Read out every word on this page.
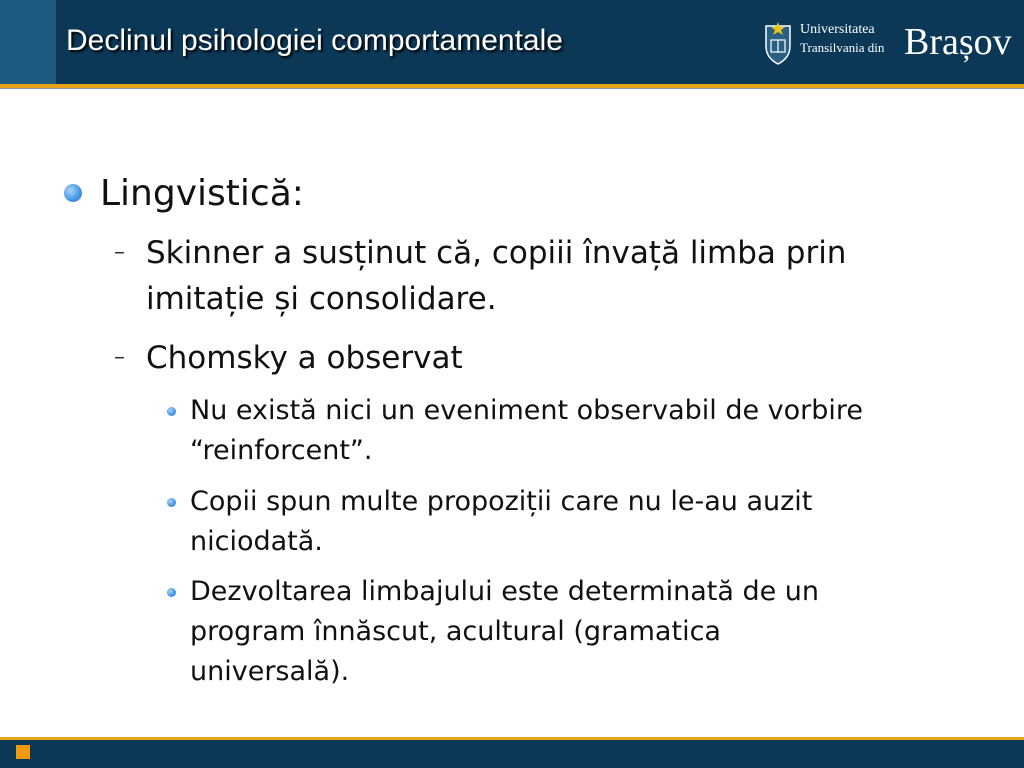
Declinul psihologiei comportamentale	Universitatea
Transilvania din Brașov
Lingvistică:
– Skinner a susținut că, copiii învață limba prin
imitație și consolidare.
– Chomsky a observat
Nu există nici un eveniment observabil de vorbire
“reinforcent”.
Copii spun multe propoziții care nu le-au auzit
niciodată.
Dezvoltarea limbajului este determinată de un
program înnăscut, acultural (gramatica
universală).
